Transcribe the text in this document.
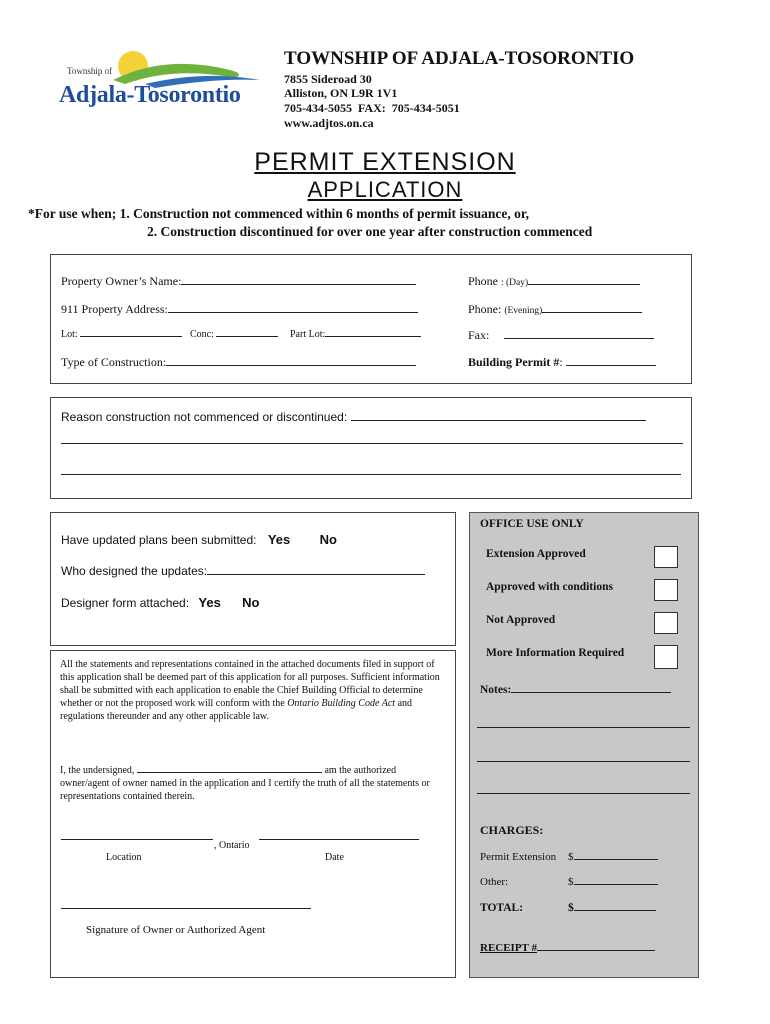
Township of
Adjala-Tosorontio
TOWNSHIP OF ADJALA-TOSORONTIO
7855 Sideroad 30
Alliston, ON L9R 1V1
705-434-5055  FAX:  705-434-5051
www.adjtos.on.ca
PERMIT EXTENSION
APPLICATION
*For use when; 1. Construction not commenced within 6 months of permit issuance, or,
2. Construction discontinued for over one year after construction commenced
Property Owner’s Name:	Phone : (Day)
911 Property Address:	Phone: (Evening)
Lot:	Conc:	Part Lot:	Fax:
Type of Construction:	Building Permit #:
Reason construction not commenced or discontinued:
Have updated plans been submitted: Yes No
Who designed the updates:
Designer form attached: Yes No
All the statements and representations contained in the attached documents filed in support of this application shall be deemed part of this application for all purposes. Sufficient information shall be submitted with each application to enable the Chief Building Official to determine whether or not the proposed work will conform with the Ontario Building Code Act and regulations thereunder and any other applicable law.
I, the undersigned,	am the authorized owner/agent of owner named in the application and I certify the truth of all the statements or representations contained therein.
, Ontario
Location	Date
Signature of Owner or Authorized Agent
OFFICE USE ONLY
Extension Approved
Approved with conditions
Not Approved
More Information Required
Notes:
CHARGES:
Permit Extension $
Other:	$
TOTAL:	$
RECEIPT #
